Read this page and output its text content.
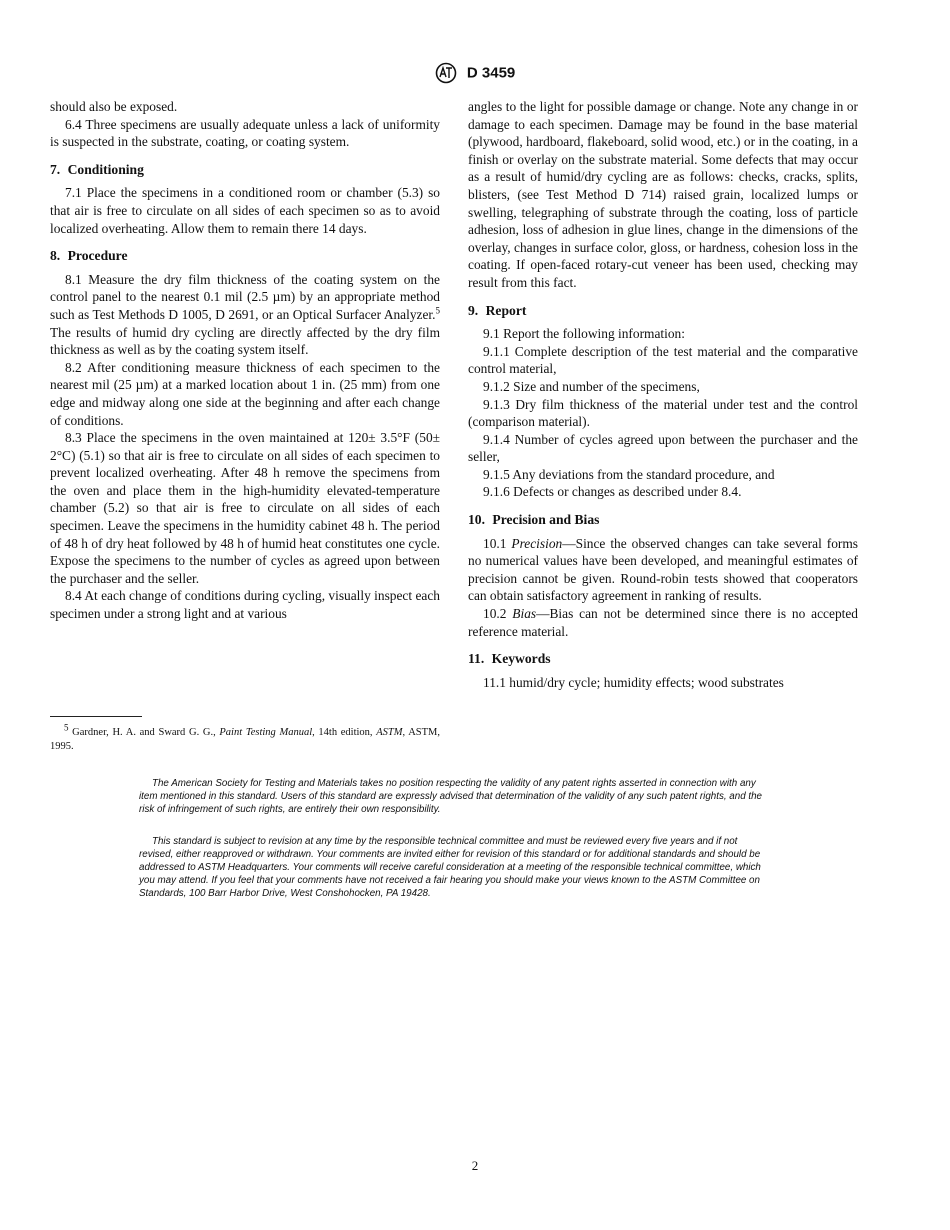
D 3459

should also be exposed.

6.4 Three specimens are usually adequate unless a lack of uniformity is suspected in the substrate, coating, or coating system.

7. Conditioning

7.1 Place the specimens in a conditioned room or chamber (5.3) so that air is free to circulate on all sides of each specimen so as to avoid localized overheating. Allow them to remain there 14 days.

8. Procedure

8.1 Measure the dry film thickness of the coating system on the control panel to the nearest 0.1 mil (2.5 µm) by an appropriate method such as Test Methods D 1005, D 2691, or an Optical Surfacer Analyzer.$^5$ The results of humid dry cycling are directly affected by the dry film thickness as well as by the coating system itself.

8.2 After conditioning measure thickness of each specimen to the nearest mil (25 µm) at a marked location about 1 in. (25 mm) from one edge and midway along one side at the beginning and after each change of conditions.

8.3 Place the specimens in the oven maintained at 120± 3.5°F (50± 2°C) (5.1) so that air is free to circulate on all sides of each specimen to prevent localized overheating. After 48 h remove the specimens from the oven and place them in the high-humidity elevated-temperature chamber (5.2) so that air is free to circulate on all sides of each specimen. Leave the specimens in the humidity cabinet 48 h. The period of 48 h of dry heat followed by 48 h of humid heat constitutes one cycle. Expose the specimens to the number of cycles as agreed upon between the purchaser and the seller.

8.4 At each change of conditions during cycling, visually inspect each specimen under a strong light and at various

$^5$ Gardner, H. A. and Sward G. G., Paint Testing Manual, 14th edition, ASTM, ASTM, 1995.

angles to the light for possible damage or change. Note any change in or damage to each specimen. Damage may be found in the base material (plywood, hardboard, flakeboard, solid wood, etc.) or in the coating, in a finish or overlay on the substrate material. Some defects that may occur as a result of humid/dry cycling are as follows: checks, cracks, splits, blisters, (see Test Method D 714) raised grain, localized lumps or swelling, telegraphing of substrate through the coating, loss of particle adhesion, loss of adhesion in glue lines, change in the dimensions of the overlay, changes in surface color, gloss, or hardness, cohesion loss in the coating. If open-faced rotary-cut veneer has been used, checking may result from this fact.

9. Report

9.1 Report the following information:

9.1.1 Complete description of the test material and the comparative control material,

9.1.2 Size and number of the specimens,

9.1.3 Dry film thickness of the material under test and the control (comparison material).

9.1.4 Number of cycles agreed upon between the purchaser and the seller,

9.1.5 Any deviations from the standard procedure, and

9.1.6 Defects or changes as described under 8.4.

10. Precision and Bias

10.1 Precision—Since the observed changes can take several forms no numerical values have been developed, and meaningful estimates of precision cannot be given. Round-robin tests showed that cooperators can obtain satisfactory agreement in ranking of results.

10.2 Bias—Bias can not be determined since there is no accepted reference material.

11. Keywords

11.1 humid/dry cycle; humidity effects; wood substrates

The American Society for Testing and Materials takes no position respecting the validity of any patent rights asserted in connection with any item mentioned in this standard. Users of this standard are expressly advised that determination of the validity of any such patent rights, and the risk of infringement of such rights, are entirely their own responsibility.

This standard is subject to revision at any time by the responsible technical committee and must be reviewed every five years and if not revised, either reapproved or withdrawn. Your comments are invited either for revision of this standard or for additional standards and should be addressed to ASTM Headquarters. Your comments will receive careful consideration at a meeting of the responsible technical committee, which you may attend. If you feel that your comments have not received a fair hearing you should make your views known to the ASTM Committee on Standards, 100 Barr Harbor Drive, West Conshohocken, PA 19428.

2
